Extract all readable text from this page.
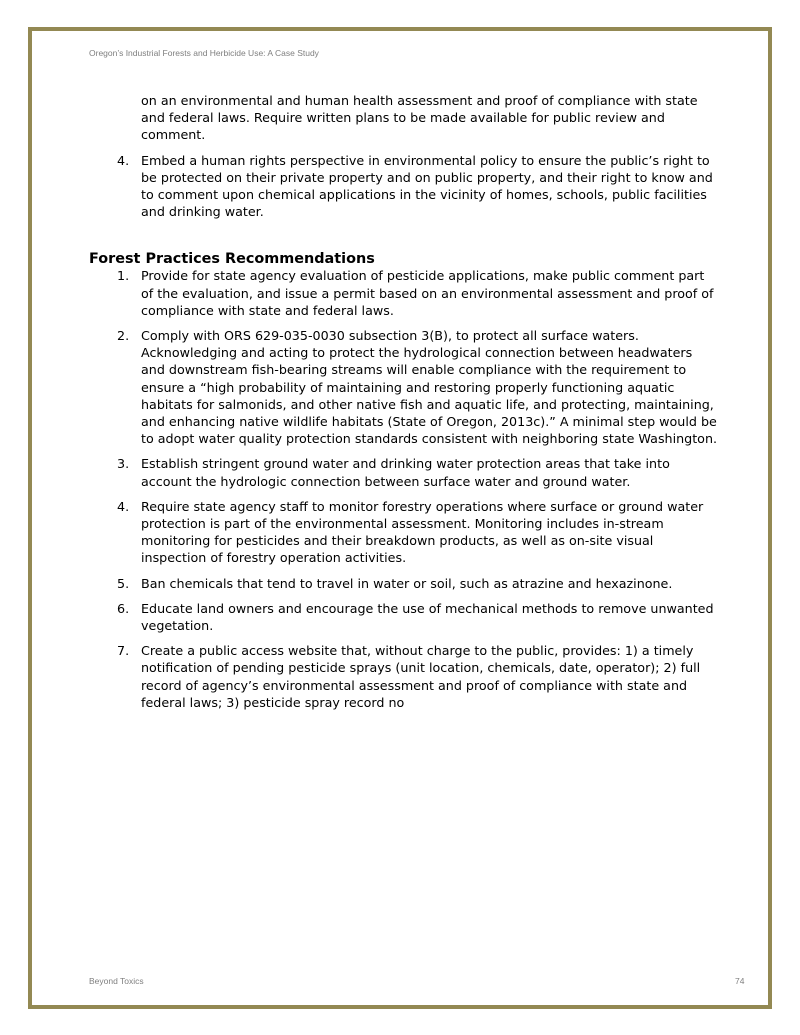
Oregon’s Industrial Forests and Herbicide Use: A Case Study

on an environmental and human health assessment and proof of compliance with state and federal laws. Require written plans to be made available for public review and comment.

4. Embed a human rights perspective in environmental policy to ensure the public’s right to be protected on their private property and on public property, and their right to know and to comment upon chemical applications in the vicinity of homes, schools, public facilities and drinking water.
Forest Practices Recommendations
1. Provide for state agency evaluation of pesticide applications, make public comment part of the evaluation, and issue a permit based on an environmental assessment and proof of compliance with state and federal laws.
2. Comply with ORS 629-035-0030 subsection 3(B), to protect all surface waters. Acknowledging and acting to protect the hydrological connection between headwaters and downstream fish-bearing streams will enable compliance with the requirement to ensure a “high probability of maintaining and restoring properly functioning aquatic habitats for salmonids, and other native fish and aquatic life, and protecting, maintaining, and enhancing native wildlife habitats (State of Oregon, 2013c).” A minimal step would be to adopt water quality protection standards consistent with neighboring state Washington.
3. Establish stringent ground water and drinking water protection areas that take into account the hydrologic connection between surface water and ground water.
4. Require state agency staff to monitor forestry operations where surface or ground water protection is part of the environmental assessment. Monitoring includes in-stream monitoring for pesticides and their breakdown products, as well as on-site visual inspection of forestry operation activities.
5. Ban chemicals that tend to travel in water or soil, such as atrazine and hexazinone.
6. Educate land owners and encourage the use of mechanical methods to remove unwanted vegetation.
7. Create a public access website that, without charge to the public, provides: 1) a timely notification of pending pesticide sprays (unit location, chemicals, date, operator); 2) full record of agency’s environmental assessment and proof of compliance with state and federal laws; 3) pesticide spray record no
Beyond Toxics	74
